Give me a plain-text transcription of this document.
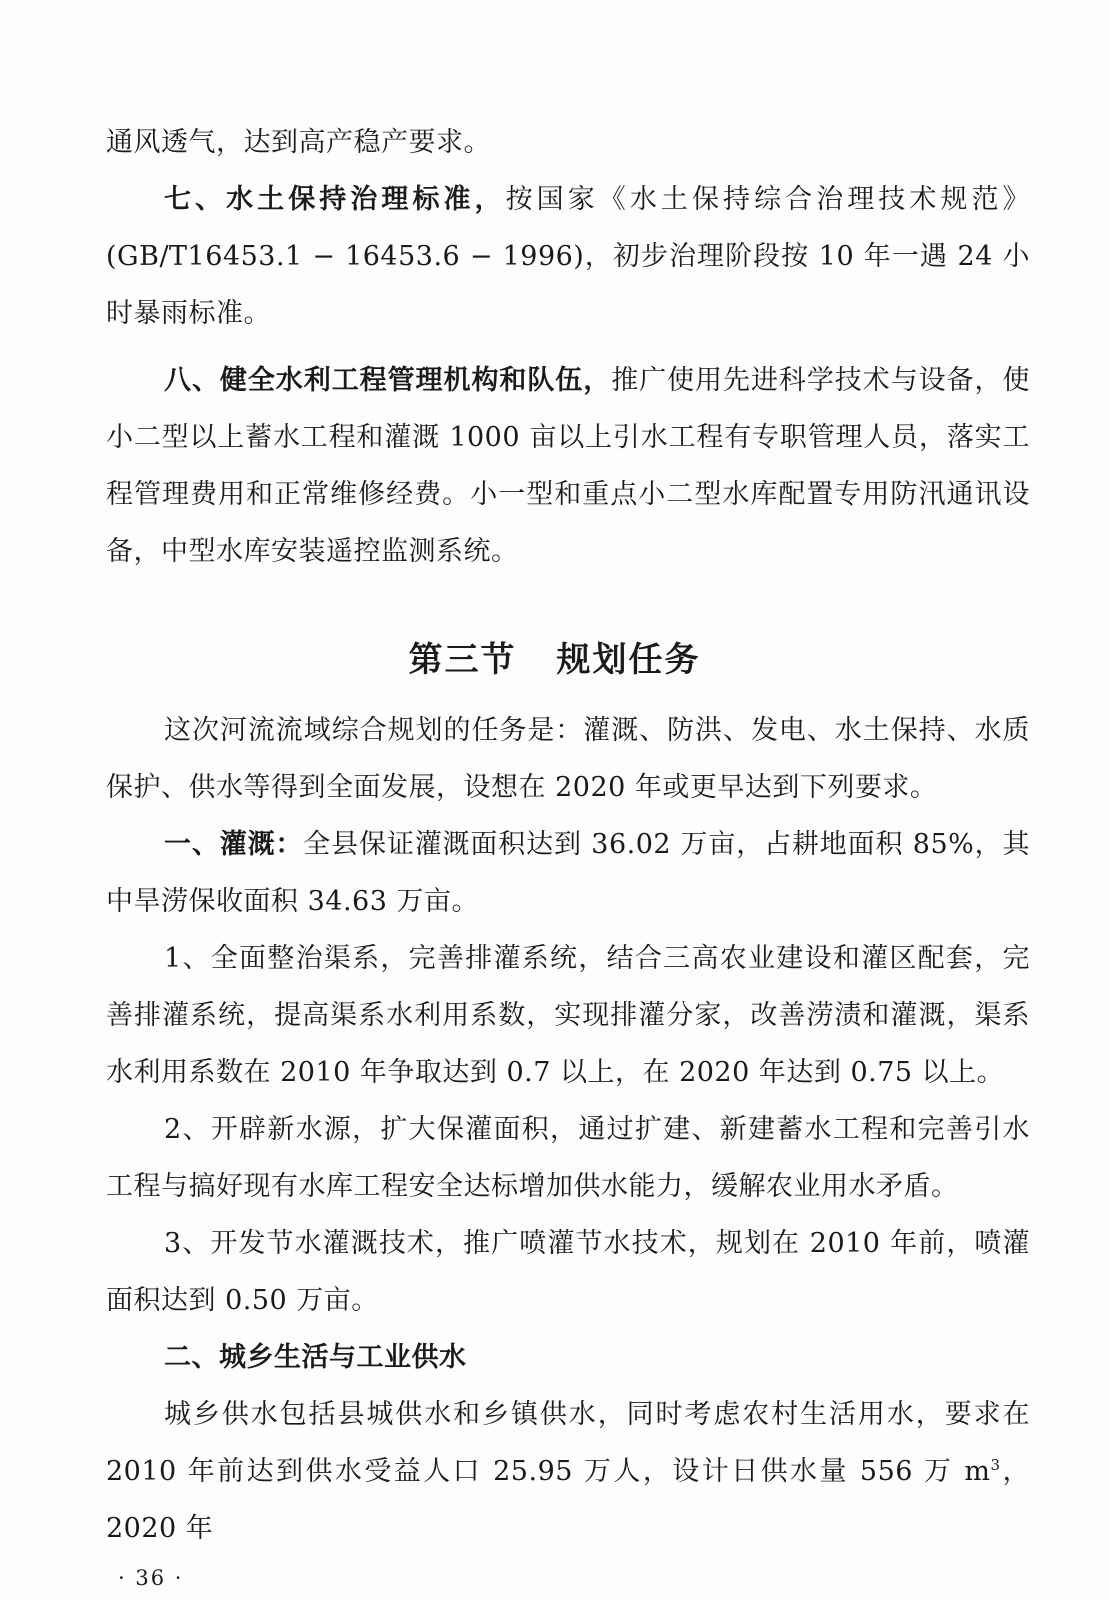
通风透气，达到高产稳产要求。

七、水土保持治理标准，按国家《水土保持综合治理技术规范》(GB/T16453.1 − 16453.6 − 1996)，初步治理阶段按 10 年一遇 24 小时暴雨标准。

八、健全水利工程管理机构和队伍，推广使用先进科学技术与设备，使小二型以上蓄水工程和灌溉 1000 亩以上引水工程有专职管理人员，落实工程管理费用和正常维修经费。小一型和重点小二型水库配置专用防汛通讯设备，中型水库安装遥控监测系统。

第三节 规划任务

这次河流流域综合规划的任务是：灌溉、防洪、发电、水土保持、水质保护、供水等得到全面发展，设想在 2020 年或更早达到下列要求。

一、灌溉：全县保证灌溉面积达到 36.02 万亩，占耕地面积 85%，其中旱涝保收面积 34.63 万亩。

1、全面整治渠系，完善排灌系统，结合三高农业建设和灌区配套，完善排灌系统，提高渠系水利用系数，实现排灌分家，改善涝渍和灌溉，渠系水利用系数在 2010 年争取达到 0.7 以上，在 2020 年达到 0.75 以上。

2、开辟新水源，扩大保灌面积，通过扩建、新建蓄水工程和完善引水工程与搞好现有水库工程安全达标增加供水能力，缓解农业用水矛盾。

3、开发节水灌溉技术，推广喷灌节水技术，规划在 2010 年前，喷灌面积达到 0.50 万亩。

二、城乡生活与工业供水

城乡供水包括县城供水和乡镇供水，同时考虑农村生活用水，要求在 2010 年前达到供水受益人口 25.95 万人，设计日供水量 556 万 $m^3$，2020 年

· 36 ·
